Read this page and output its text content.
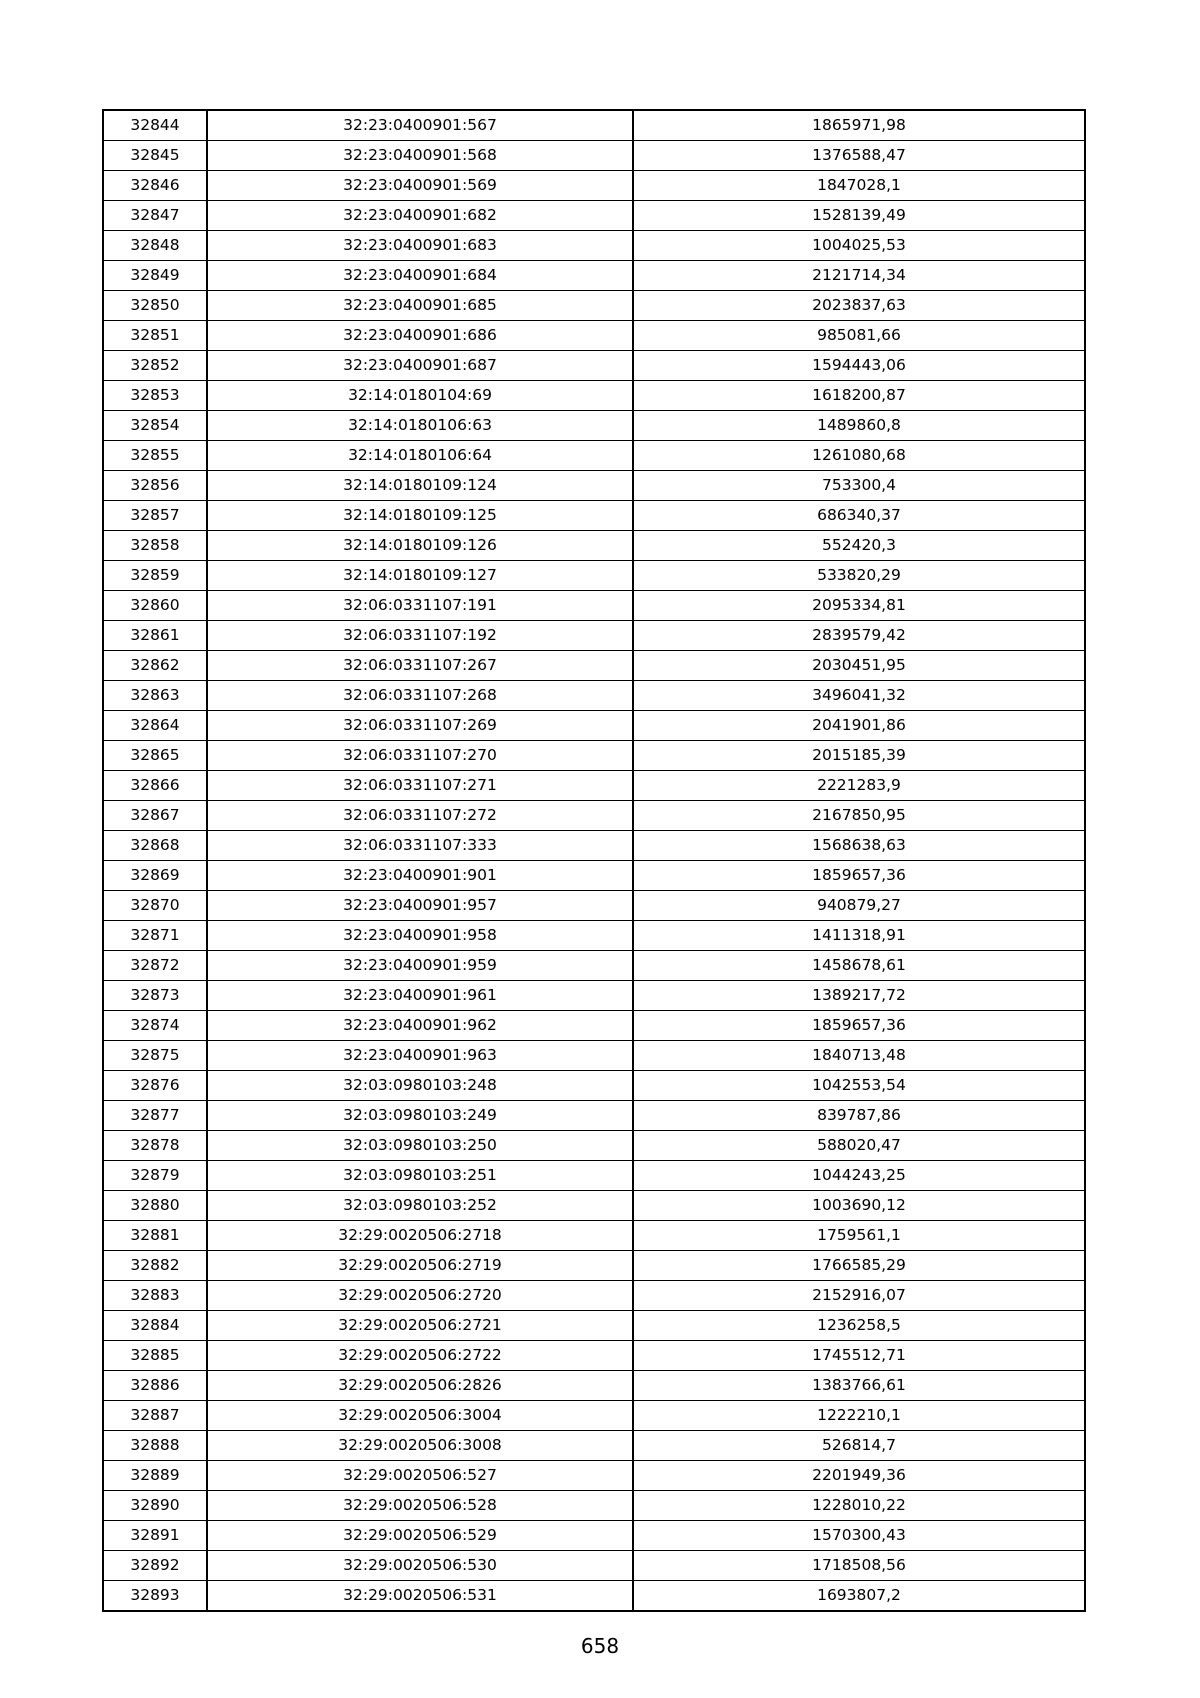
32844	32:23:0400901:567	1865971,98
32845	32:23:0400901:568	1376588,47
32846	32:23:0400901:569	1847028,1
32847	32:23:0400901:682	1528139,49
32848	32:23:0400901:683	1004025,53
32849	32:23:0400901:684	2121714,34
32850	32:23:0400901:685	2023837,63
32851	32:23:0400901:686	985081,66
32852	32:23:0400901:687	1594443,06
32853	32:14:0180104:69	1618200,87
32854	32:14:0180106:63	1489860,8
32855	32:14:0180106:64	1261080,68
32856	32:14:0180109:124	753300,4
32857	32:14:0180109:125	686340,37
32858	32:14:0180109:126	552420,3
32859	32:14:0180109:127	533820,29
32860	32:06:0331107:191	2095334,81
32861	32:06:0331107:192	2839579,42
32862	32:06:0331107:267	2030451,95
32863	32:06:0331107:268	3496041,32
32864	32:06:0331107:269	2041901,86
32865	32:06:0331107:270	2015185,39
32866	32:06:0331107:271	2221283,9
32867	32:06:0331107:272	2167850,95
32868	32:06:0331107:333	1568638,63
32869	32:23:0400901:901	1859657,36
32870	32:23:0400901:957	940879,27
32871	32:23:0400901:958	1411318,91
32872	32:23:0400901:959	1458678,61
32873	32:23:0400901:961	1389217,72
32874	32:23:0400901:962	1859657,36
32875	32:23:0400901:963	1840713,48
32876	32:03:0980103:248	1042553,54
32877	32:03:0980103:249	839787,86
32878	32:03:0980103:250	588020,47
32879	32:03:0980103:251	1044243,25
32880	32:03:0980103:252	1003690,12
32881	32:29:0020506:2718	1759561,1
32882	32:29:0020506:2719	1766585,29
32883	32:29:0020506:2720	2152916,07
32884	32:29:0020506:2721	1236258,5
32885	32:29:0020506:2722	1745512,71
32886	32:29:0020506:2826	1383766,61
32887	32:29:0020506:3004	1222210,1
32888	32:29:0020506:3008	526814,7
32889	32:29:0020506:527	2201949,36
32890	32:29:0020506:528	1228010,22
32891	32:29:0020506:529	1570300,43
32892	32:29:0020506:530	1718508,56
32893	32:29:0020506:531	1693807,2
658
